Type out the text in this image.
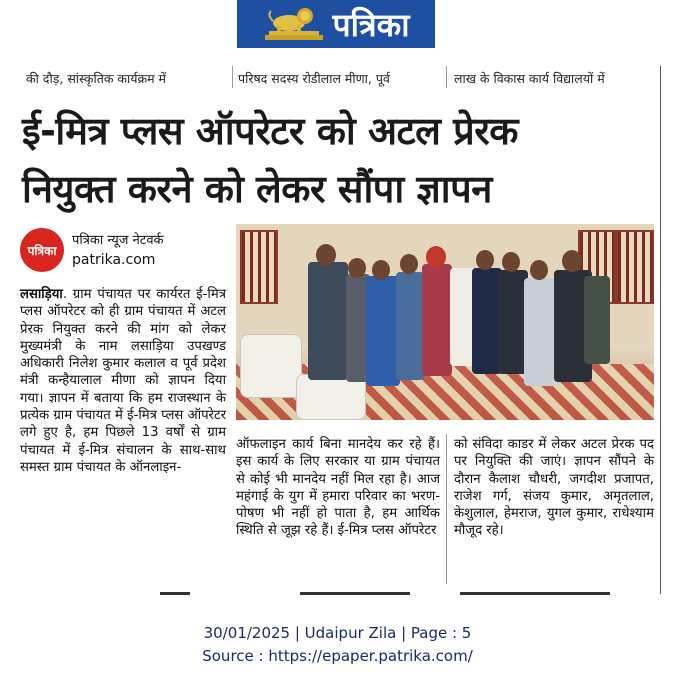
पत्रिका
की दौड़, सांस्कृतिक कार्यक्रम में	परिषद सदस्य रोडीलाल मीणा, पूर्व	लाख के विकास कार्य विद्यालयों में
ई-मित्र प्लस ऑपरेटर को अटल प्रेरक
नियुक्त करने को लेकर सौंपा ज्ञापन
पत्रिका
पत्रिका न्यूज नेटवर्क
patrika.com

लसाड़िया. ग्राम पंचायत पर कार्यरत ई-मित्र प्लस ऑपरेटर को ही ग्राम पंचायत में अटल प्रेरक नियुक्त करने की मांग को लेकर मुख्यमंत्री के नाम लसाड़िया उपखण्ड अधिकारी निलेश कुमार कलाल व पूर्व प्रदेश मंत्री कन्हैयालाल मीणा को ज्ञापन दिया गया। ज्ञापन में बताया कि हम राजस्थान के प्रत्येक ग्राम पंचायत में ई-मित्र प्लस ऑपरेटर लगे हुए है, हम पिछले 13 वर्षों से ग्राम पंचायत में ई-मित्र संचालन के साथ-साथ समस्त ग्राम पंचायत के ऑनलाइन-

ऑफलाइन कार्य बिना मानदेय कर रहे हैं। इस कार्य के लिए सरकार या ग्राम पंचायत से कोई भी मानदेय नहीं मिल रहा है। आज महंगाई के युग में हमारा परिवार का भरण-पोषण भी नहीं हो पाता है, हम आर्थिक स्थिति से जूझ रहे हैं। ई-मित्र प्लस ऑपरेटर

को संविदा काडर में लेकर अटल प्रेरक पद पर नियुक्ति की जाएं। ज्ञापन सौंपने के दौरान कैलाश चौधरी, जगदीश प्रजापत, राजेश गर्ग, संजय कुमार, अमृतलाल, केशुलाल, हेमराज, युगल कुमार, राधेश्याम मौजूद रहे।

30/01/2025 | Udaipur Zila | Page : 5
Source : https://epaper.patrika.com/
